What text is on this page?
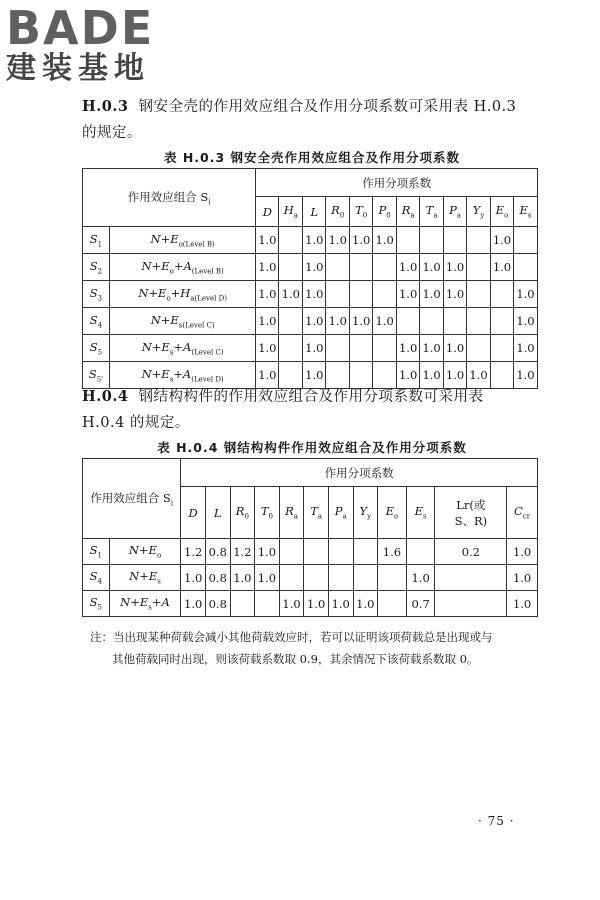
BADE
建装基地
H.0.3 钢安全壳的作用效应组合及作用分项系数可采用表 H.0.3
的规定。
表 H.0.3 钢安全壳作用效应组合及作用分项系数
作用效应组合 $S_i$		作用分项系数											
		D	$H_a$	L	$R_0$	$T_0$	$P_0$	$R_a$	$T_a$	$P_a$	$Y_y$	$E_o$	$E_s$
$S_1$	$N+E_{o(Level B)}$	1.0		1.0	1.0	1.0	1.0					1.0	
$S_2$	$N+E_o+A_{(Level B)}$	1.0		1.0				1.0	1.0	1.0		1.0	
$S_3$	$N+E_o+H_{a(Level D)}$	1.0	1.0	1.0				1.0	1.0	1.0			1.0
$S_4$	$N+E_{s(Level C)}$	1.0		1.0	1.0	1.0	1.0						1.0
$S_5$	$N+E_s+A_{(Level C)}$	1.0		1.0				1.0	1.0	1.0			1.0
$S_{5'}$	$N+E_s+A_{(Level D)}$	1.0		1.0				1.0	1.0	1.0	1.0		1.0
H.0.4 钢结构构件的作用效应组合及作用分项系数可采用表
H.0.4 的规定。
表 H.0.4 钢结构构件作用效应组合及作用分项系数
作用效应组合 $S_i$		作用分项系数											
		D	L	$R_0$	$T_0$	$R_a$	$T_a$	$P_a$	$Y_y$	$E_o$	$E_s$	Lr(或
S、R)	$C_{cr}$
$S_1$	$N+E_o$	1.2	0.8	1.2	1.0					1.6		0.2	1.0
$S_4$	$N+E_s$	1.0	0.8	1.0	1.0						1.0		1.0
$S_5$	$N+E_s+A$	1.0	0.8			1.0	1.0	1.0	1.0		0.7		1.0
注：当出现某种荷载会减小其他荷载效应时，若可以证明该项荷载总是出现或与
其他荷载同时出现，则该荷载系数取 0.9，其余情况下该荷载系数取 0。
· 75 ·
